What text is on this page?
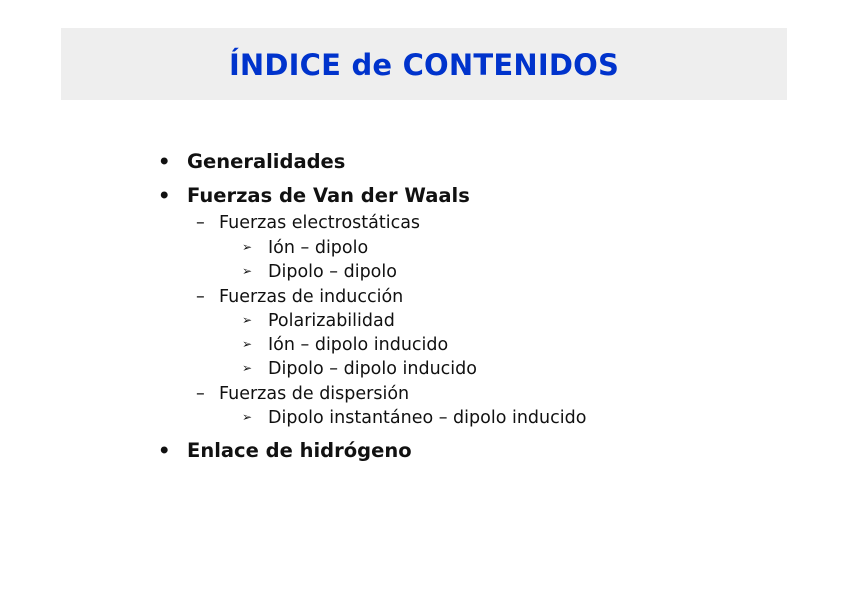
ÍNDICE de CONTENIDOS
• Generalidades
• Fuerzas de Van der Waals
– Fuerzas electrostáticas
➢ Ión – dipolo
➢ Dipolo – dipolo
– Fuerzas de inducción
➢ Polarizabilidad
➢ Ión – dipolo inducido
➢ Dipolo – dipolo inducido
– Fuerzas de dispersión
➢ Dipolo instantáneo – dipolo inducido
• Enlace de hidrógeno
